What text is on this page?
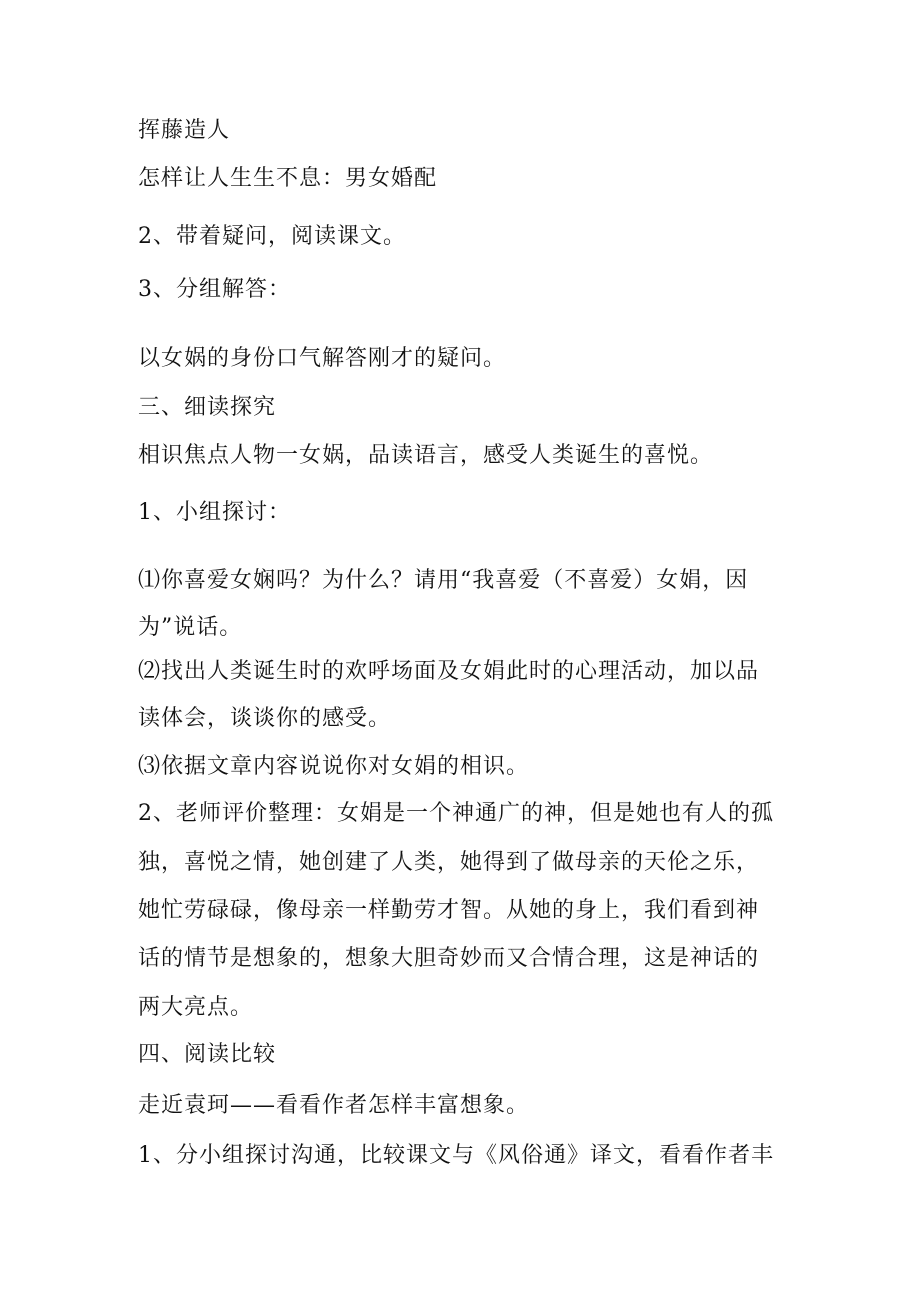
挥藤造人
怎样让人生生不息：男女婚配
2、带着疑问，阅读课文。
3、分组解答：
以女娲的身份口气解答刚才的疑问。
三、细读探究
相识焦点人物一女娲，品读语言，感受人类诞生的喜悦。
1、小组探讨：
⑴你喜爱女娴吗？为什么？请用“我喜爱（不喜爱）女娟，因
为”说话。
⑵找出人类诞生时的欢呼场面及女娟此时的心理活动，加以品
读体会，谈谈你的感受。
⑶依据文章内容说说你对女娟的相识。
2、老师评价整理：女娟是一个神通广的神，但是她也有人的孤
独，喜悦之情，她创建了人类，她得到了做母亲的天伦之乐，
她忙劳碌碌，像母亲一样勤劳才智。从她的身上，我们看到神
话的情节是想象的，想象大胆奇妙而又合情合理，这是神话的
两大亮点。
四、阅读比较
走近袁珂——看看作者怎样丰富想象。
1、分小组探讨沟通，比较课文与《风俗通》译文，看看作者丰
